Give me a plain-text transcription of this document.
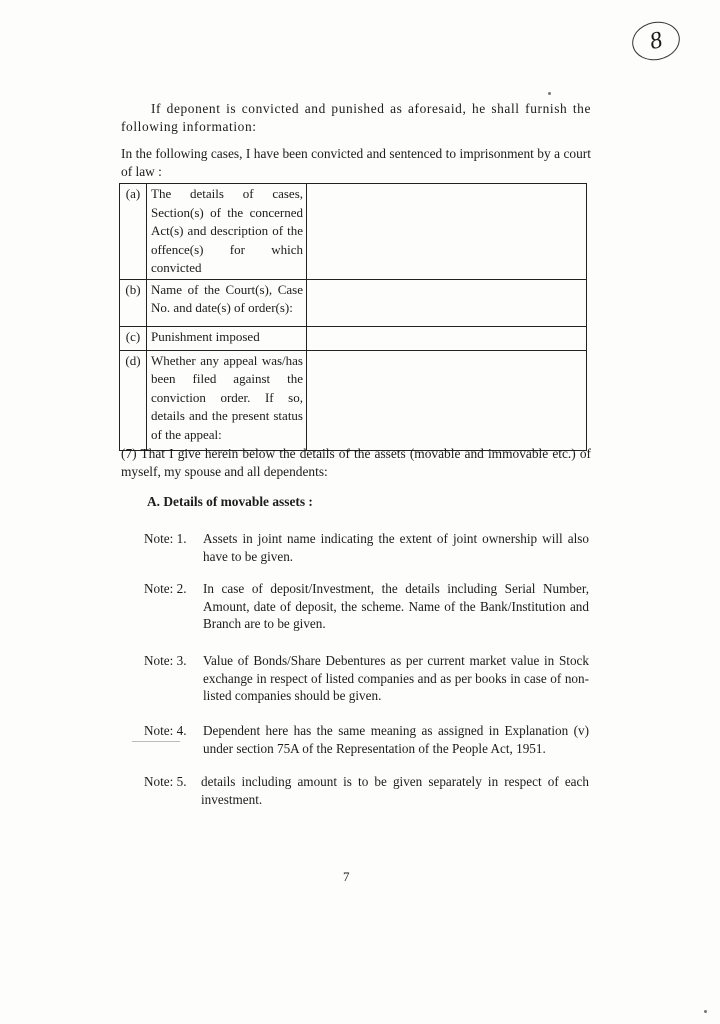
8

If deponent is convicted and punished as aforesaid, he shall furnish the following information:

In the following cases, I have been convicted and sentenced to imprisonment by a court of law :

(a)	The details of cases, Section(s) of the concerned Act(s) and description of the offence(s) for which convicted	
(b)	Name of the Court(s), Case No. and date(s) of order(s):	
(c)	Punishment imposed	
(d)	Whether any appeal was/has been filed against the conviction order. If so, details and the present status of the appeal:	

(7) That I give herein below the details of the assets (movable and immovable etc.) of myself, my spouse and all dependents:

A. Details of movable assets :
Note: 1.	Assets in joint name indicating the extent of joint ownership will also have to be given.
Note: 2.	In case of deposit/Investment, the details including Serial Number, Amount, date of deposit, the scheme. Name of the Bank/Institution and Branch are to be given.
Note: 3.	Value of Bonds/Share Debentures as per current market value in Stock exchange in respect of listed companies and as per books in case of non-listed companies should be given.
Note: 4.	Dependent here has the same meaning as assigned in Explanation (v) under section 75A of the Representation of the People Act, 1951.
Note: 5.	details including amount is to be given separately in respect of each investment.
7
